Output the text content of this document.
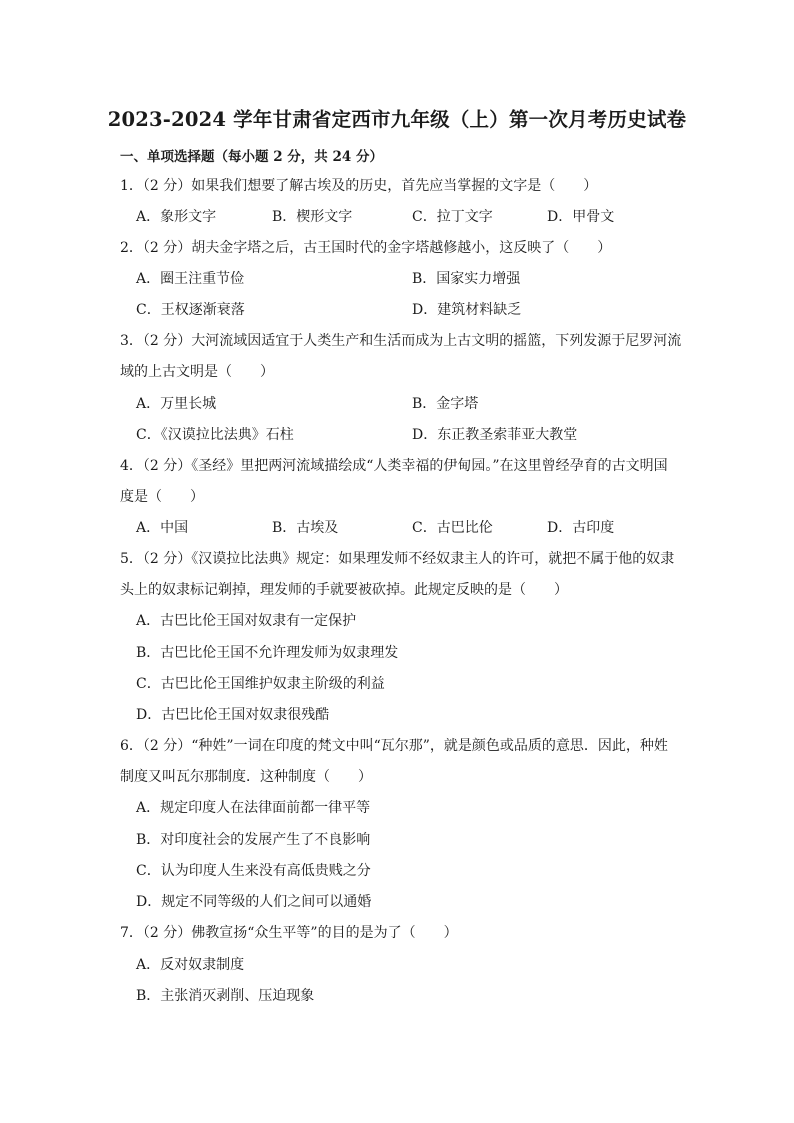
2023-2024 学年甘肃省定西市九年级（上）第一次月考历史试卷
一、单项选择题（每小题 2 分，共 24 分）
1．（2 分）如果我们想要了解古埃及的历史，首先应当掌握的文字是（　　）
A．象形文字	B．楔形文字	C．拉丁文字	D．甲骨文
2．（2 分）胡夫金字塔之后，古王国时代的金字塔越修越小，这反映了（　　）
A．圈王注重节俭	B．国家实力增强
C．王权逐渐衰落	D．建筑材料缺乏
3．（2 分）大河流域因适宜于人类生产和生活而成为上古文明的摇篮，下列发源于尼罗河流
域的上古文明是（　　）
A．万里长城	B．金字塔
C．《汉谟拉比法典》石柱	D．东正教圣索菲亚大教堂
4．（2 分）《圣经》里把两河流域描绘成“人类幸福的伊甸园。”在这里曾经孕育的古文明国
度是（　　）
A．中国	B．古埃及	C．古巴比伦	D．古印度
5．（2 分）《汉谟拉比法典》规定：如果理发师不经奴隶主人的许可，就把不属于他的奴隶
头上的奴隶标记剃掉，理发师的手就要被砍掉。此规定反映的是（　　）
A．古巴比伦王国对奴隶有一定保护
B．古巴比伦王国不允许理发师为奴隶理发
C．古巴比伦王国维护奴隶主阶级的利益
D．古巴比伦王国对奴隶很残酷
6．（2 分）“种姓”一词在印度的梵文中叫“瓦尔那”，就是颜色或品质的意思．因此，种姓
制度又叫瓦尔那制度．这种制度（　　）
A．规定印度人在法律面前都一律平等
B．对印度社会的发展产生了不良影响
C．认为印度人生来没有高低贵贱之分
D．规定不同等级的人们之间可以通婚
7．（2 分）佛教宣扬“众生平等”的目的是为了（　　）
A．反对奴隶制度
B．主张消灭剥削、压迫现象
